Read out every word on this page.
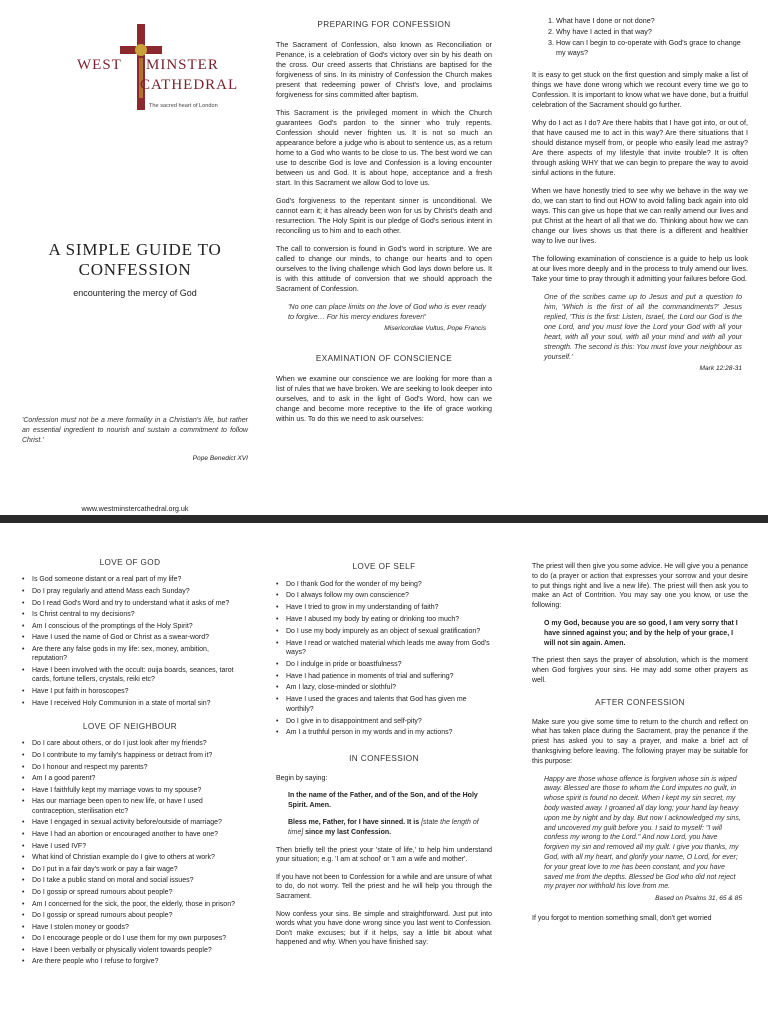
WEST MINSTER
CATHEDRAL
The sacred heart of London
A SIMPLE GUIDE TO
CONFESSION
encountering the mercy of God

'Confession must not be a mere formality in a Christian's life, but rather an essential ingredient to nourish and sustain a commitment to follow Christ.'

Pope Benedict XVI
www.westminstercathedral.org.uk
PREPARING FOR CONFESSION

The Sacrament of Confession, also known as Reconciliation or Penance, is a celebration of God's victory over sin by his death on the cross. Our creed asserts that Christians are baptised for the forgiveness of sins. In its ministry of Confession the Church makes present that redeeming power of Christ's love, and proclaims forgiveness for sins committed after baptism.

This Sacrament is the privileged moment in which the Church guarantees God's pardon to the sinner who truly repents. Confession should never frighten us. It is not so much an appearance before a judge who is about to sentence us, as a return home to a God who wants to be close to us. The best word we can use to describe God is love and Confession is a loving encounter between us and God. It is about hope, acceptance and a fresh start. In this Sacrament we allow God to love us.

God's forgiveness to the repentant sinner is unconditional. We cannot earn it; it has already been won for us by Christ's death and resurrection. The Holy Spirit is our pledge of God's serious intent in reconciling us to him and to each other.

The call to conversion is found in God's word in scripture. We are called to change our minds, to change our hearts and to open ourselves to the living challenge which God lays down before us. It is with this attitude of conversion that we should approach the Sacrament of Confession.

'No one can place limits on the love of God who is ever ready to forgive… For his mercy endures forever!'

Misericordiae Vultus, Pope Francis
EXAMINATION OF CONSCIENCE

When we examine our conscience we are looking for more than a list of rules that we have broken. We are seeking to look deeper into ourselves, and to ask in the light of God's Word, how can we change and become more receptive to the life of grace working within us. To do this we need to ask ourselves:

1. What have I done or not done?
2. Why have I acted in that way?
3. How can I begin to co-operate with God's grace to change my ways?

It is easy to get stuck on the first question and simply make a list of things we have done wrong which we recount every time we go to Confession. It is important to know what we have done, but a fruitful celebration of the Sacrament should go further.

Why do I act as I do? Are there habits that I have got into, or out of, that have caused me to act in this way? Are there situations that I should distance myself from, or people who easily lead me astray? Are there aspects of my lifestyle that invite trouble? It is often through asking WHY that we can begin to prepare the way to avoid sinful actions in the future.

When we have honestly tried to see why we behave in the way we do, we can start to find out HOW to avoid falling back again into old ways. This can give us hope that we can really amend our lives and put Christ at the heart of all that we do. Thinking about how we can change our lives shows us that there is a different and healthier way to live our lives.

The following examination of conscience is a guide to help us look at our lives more deeply and in the process to truly amend our lives. Take your time to pray through it admitting your failures before God.

One of the scribes came up to Jesus and put a question to him, 'Which is the first of all the commandments?' Jesus replied, 'This is the first: Listen, Israel, the Lord our God is the one Lord, and you must love the Lord your God with all your heart, with all your soul, with all your mind and with all your strength. The second is this: You must love your neighbour as yourself.'

Mark 12:28-31
LOVE OF GOD
• Is God someone distant or a real part of my life?
• Do I pray regularly and attend Mass each Sunday?
• Do I read God's Word and try to understand what it asks of me?
• Is Christ central to my decisions?
• Am I conscious of the promptings of the Holy Spirit?
• Have I used the name of God or Christ as a swear-word?
• Are there any false gods in my life: sex, money, ambition, reputation?
• Have I been involved with the occult: ouija boards, seances, tarot cards, fortune tellers, crystals, reiki etc?
• Have I put faith in horoscopes?
• Have I received Holy Communion in a state of mortal sin?
LOVE OF NEIGHBOUR
• Do I care about others, or do I just look after my friends?
• Do I contribute to my family's happiness or detract from it?
• Do I honour and respect my parents?
• Am I a good parent?
• Have I faithfully kept my marriage vows to my spouse?
• Has our marriage been open to new life, or have I used contraception, sterilisation etc?
• Have I engaged in sexual activity before/outside of marriage?
• Have I had an abortion or encouraged another to have one?
• Have I used IVF?
• What kind of Christian example do I give to others at work?
• Do I put in a fair day's work or pay a fair wage?
• Do I take a public stand on moral and social issues?
• Do I gossip or spread rumours about people?
• Am I concerned for the sick, the poor, the elderly, those in prison?
• Do I gossip or spread rumours about people?
• Have I stolen money or goods?
• Do I encourage people or do I use them for my own purposes?
• Have I been verbally or physically violent towards people?
• Are there people who I refuse to forgive?
LOVE OF SELF
• Do I thank God for the wonder of my being?
• Do I always follow my own conscience?
• Have I tried to grow in my understanding of faith?
• Have I abused my body by eating or drinking too much?
• Do I use my body impurely as an object of sexual gratification?
• Have I read or watched material which leads me away from God's ways?
• Do I indulge in pride or boastfulness?
• Have I had patience in moments of trial and suffering?
• Am I lazy, close-minded or slothful?
• Have I used the graces and talents that God has given me worthily?
• Do I give in to disappointment and self-pity?
• Am I a truthful person in my words and in my actions?
IN CONFESSION

Begin by saying:

In the name of the Father, and of the Son, and of the Holy Spirit. Amen.

Bless me, Father, for I have sinned. It is [state the length of time] since my last Confession.

Then briefly tell the priest your 'state of life,' to help him understand your situation; e.g. 'I am at school' or 'I am a wife and mother'.

If you have not been to Confession for a while and are unsure of what to do, do not worry. Tell the priest and he will help you through the Sacrament.

Now confess your sins. Be simple and straightforward. Just put into words what you have done wrong since you last went to Confession. Don't make excuses; but if it helps, say a little bit about what happened and why. When you have finished say:

The priest will then give you some advice. He will give you a penance to do (a prayer or action that expresses your sorrow and your desire to put things right and live a new life). The priest will then ask you to make an Act of Contrition. You may say one you know, or use the following:

O my God, because you are so good, I am very sorry that I have sinned against you; and by the help of your grace, I will not sin again. Amen.

The priest then says the prayer of absolution, which is the moment when God forgives your sins. He may add some other prayers as well.

AFTER CONFESSION

Make sure you give some time to return to the church and reflect on what has taken place during the Sacrament, pray the penance if the priest has asked you to say a prayer, and make a brief act of thanksgiving before leaving. The following prayer may be suitable for this purpose:

Happy are those whose offence is forgiven whose sin is wiped away. Blessed are those to whom the Lord imputes no guilt, in whose spirit is found no deceit. When I kept my sin secret, my body wasted away. I groaned all day long; your hand lay heavy upon me by night and by day. But now I acknowledged my sins, and uncovered my guilt before you. I said to myself: "I will confess my wrong to the Lord." And now Lord, you have forgiven my sin and removed all my guilt. I give you thanks, my God, with all my heart, and glorify your name, O Lord, for ever; for your great love to me has been constant, and you have saved me from the depths. Blessed be God who did not reject my prayer nor withhold his love from me.

Based on Psalms 31, 65 & 85

If you forgot to mention something small, don't get worried
